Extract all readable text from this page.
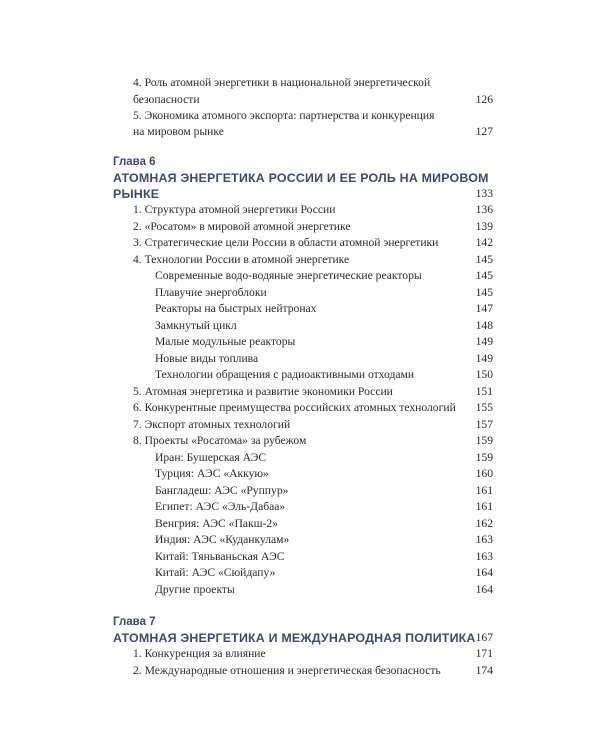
4. Роль атомной энергетики в национальной энергетической
безопасности	126
5. Экономика атомного экспорта: партнерства и конкуренция
на мировом рынке	127
Глава 6
АТОМНАЯ ЭНЕРГЕТИКА РОССИИ И ЕЕ РОЛЬ НА МИРОВОМ
РЫНКЕ	133
1. Структура атомной энергетики России	136
2. «Росатом» в мировой атомной энергетике	139
3. Стратегические цели России в области атомной энергетики	142
4. Технологии России в атомной энергетике	145
Современные водо-водяные энергетические реакторы	145
Плавучие энергоблоки	145
Реакторы на быстрых нейтронах	147
Замкнутый цикл	148
Малые модульные реакторы	149
Новые виды топлива	149
Технологии обращения с радиоактивными отходами	150
5. Атомная энергетика и развитие экономики России	151
6. Конкурентные преимущества российских атомных технологий 155
7. Экспорт атомных технологий	157
8. Проекты «Росатома» за рубежом	159
Иран: Бушерская АЭС	159
Турция: АЭС «Аккую»	160
Бангладеш: АЭС «Руппур»	161
Египет: АЭС «Эль-Дабаа»	161
Венгрия: АЭС «Пакш-2»	162
Индия: АЭС «Куданкулам»	163
Китай: Тяньваньская АЭС	163
Китай: АЭС «Сюйдапу»	164
Другие проекты	164
Глава 7
АТОМНАЯ ЭНЕРГЕТИКА И МЕЖДУНАРОДНАЯ ПОЛИТИКА 167
1. Конкуренция за влияние	171
2. Международные отношения и энергетическая безопасность	174
